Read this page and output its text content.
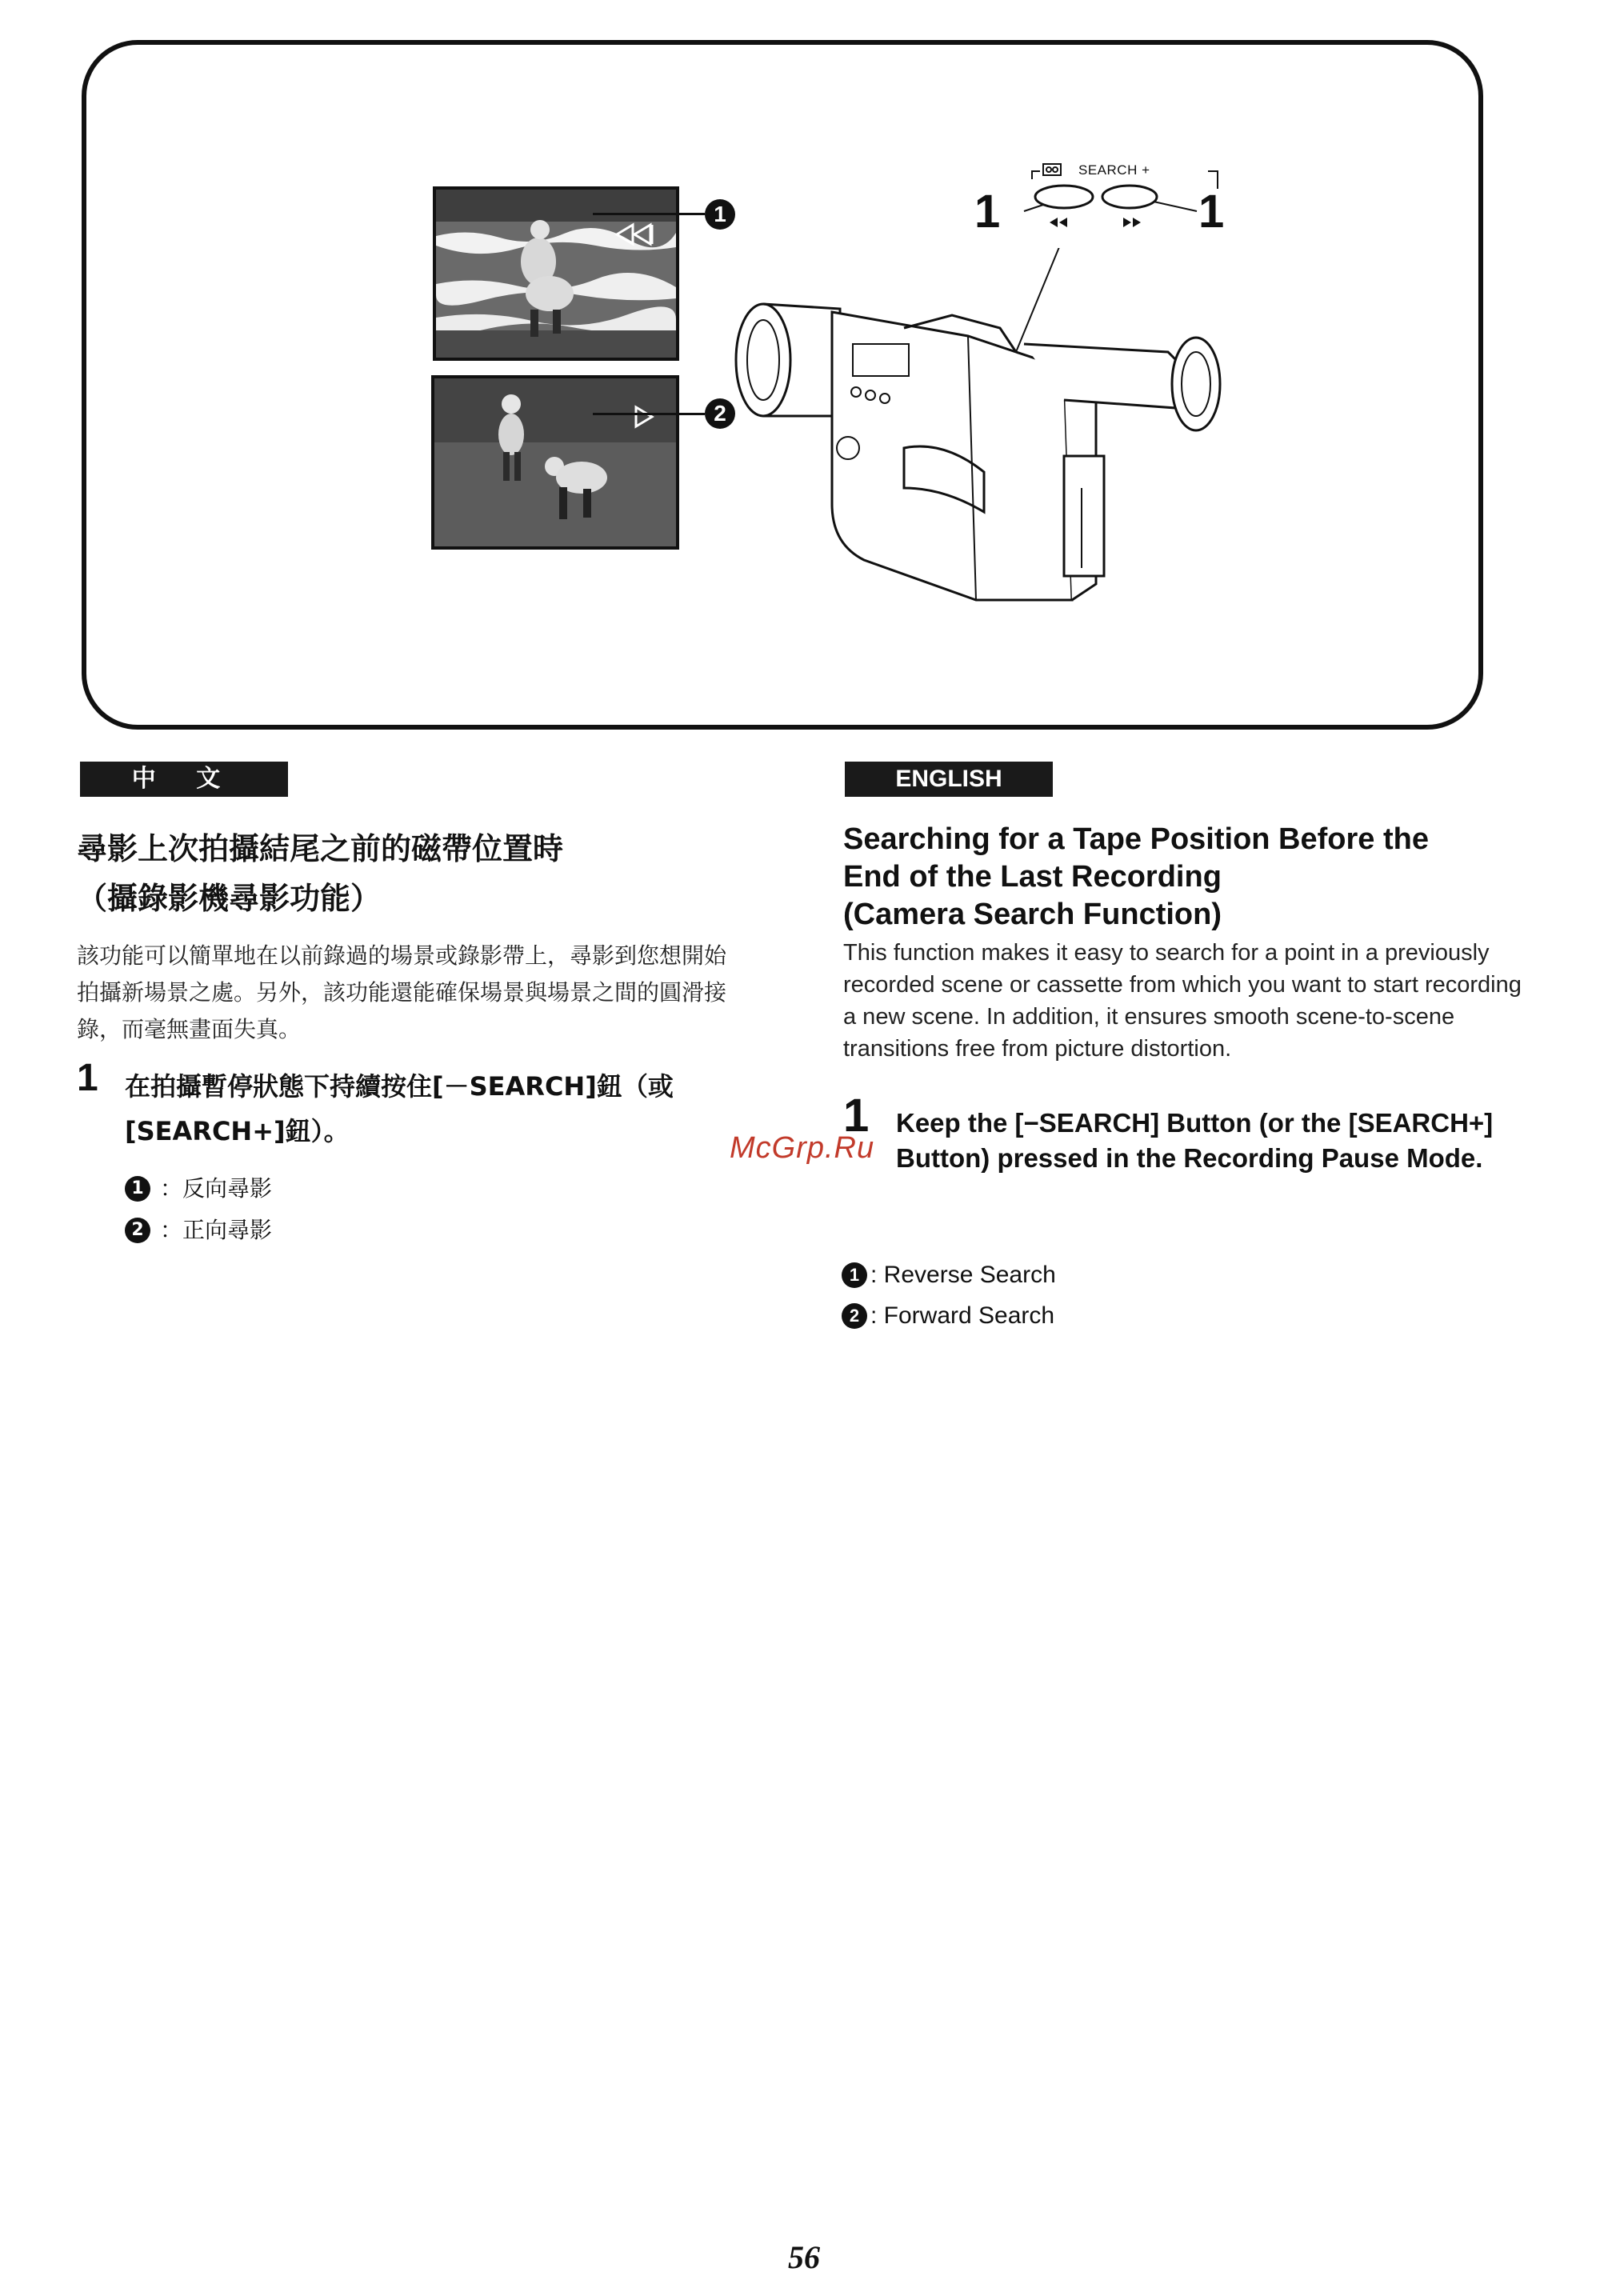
1
2
1	1
SEARCH +
中 文	ENGLISH
尋影上次拍攝結尾之前的磁帶位置時
（攝錄影機尋影功能）
該功能可以簡單地在以前錄過的場景或錄影帶上，尋影到您想開始拍攝新場景之處。另外，該功能還能確保場景與場景之間的圓滑接錄，而毫無畫面失真。
1 在拍攝暫停狀態下持續按住[－SEARCH]鈕（或[SEARCH+]鈕）。
1 ：反向尋影
2 ：正向尋影
Searching for a Tape Position Before the
End of the Last Recording
(Camera Search Function)
This function makes it easy to search for a point in a previously recorded scene or cassette from which you want to start recording a new scene. In addition, it ensures smooth scene-to-scene transitions free from picture distortion.
1 Keep the [−SEARCH] Button (or the [SEARCH+] Button) pressed in the Recording Pause Mode.
1 : Reverse Search
2 : Forward Search
McGrp.Ru
56
